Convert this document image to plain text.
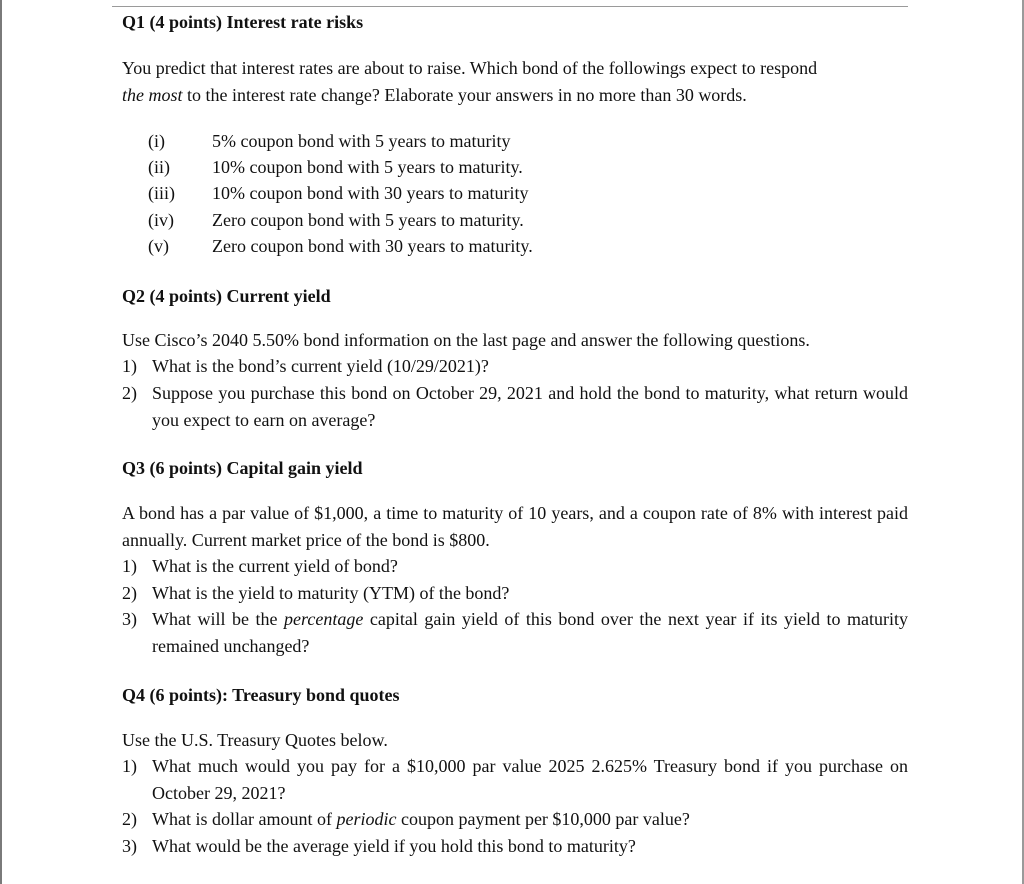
Q1 (4 points) Interest rate risks
You predict that interest rates are about to raise. Which bond of the followings expect to respond
the most to the interest rate change? Elaborate your answers in no more than 30 words.
(i)	5% coupon bond with 5 years to maturity
(ii) 10% coupon bond with 5 years to maturity.
(iii) 10% coupon bond with 30 years to maturity
(iv) Zero coupon bond with 5 years to maturity.
(v) Zero coupon bond with 30 years to maturity.
Q2 (4 points) Current yield
Use Cisco’s 2040 5.50% bond information on the last page and answer the following questions.
1) What is the bond’s current yield (10/29/2021)?
2) Suppose you purchase this bond on October 29, 2021 and hold the bond to maturity, what return would you expect to earn on average?
Q3 (6 points) Capital gain yield
A bond has a par value of $1,000, a time to maturity of 10 years, and a coupon rate of 8% with interest paid annually. Current market price of the bond is $800.
1) What is the current yield of bond?
2) What is the yield to maturity (YTM) of the bond?
3) What will be the percentage capital gain yield of this bond over the next year if its yield to maturity remained unchanged?
Q4 (6 points): Treasury bond quotes
Use the U.S. Treasury Quotes below.
1) What much would you pay for a $10,000 par value 2025 2.625% Treasury bond if you purchase on October 29, 2021?
2) What is dollar amount of periodic coupon payment per $10,000 par value?
3) What would be the average yield if you hold this bond to maturity?
